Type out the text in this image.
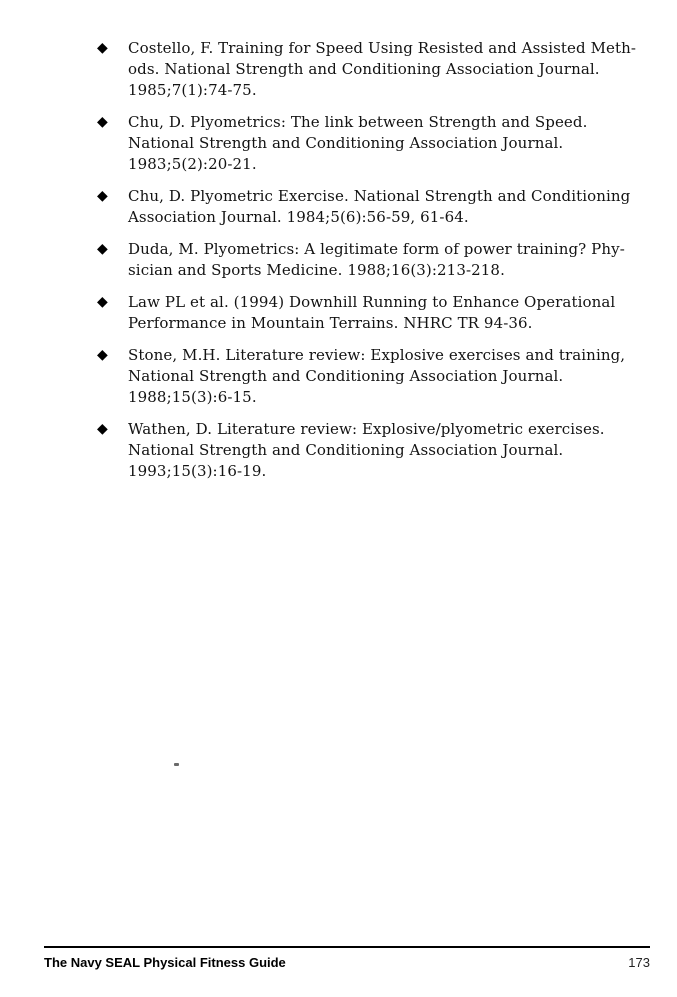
◆	Costello, F. Training for Speed Using Resisted and Assisted Meth-
ods. National Strength and Conditioning Association Journal.
1985;7(1):74-75.
◆	Chu, D. Plyometrics: The link between Strength and Speed.
National Strength and Conditioning Association Journal.
1983;5(2):20-21.
◆	Chu, D. Plyometric Exercise. National Strength and Conditioning
Association Journal. 1984;5(6):56-59, 61-64.
◆	Duda, M. Plyometrics: A legitimate form of power training? Phy-
sician and Sports Medicine. 1988;16(3):213-218.
◆	Law PL et al. (1994) Downhill Running to Enhance Operational
Performance in Mountain Terrains. NHRC TR 94-36.
◆	Stone, M.H. Literature review: Explosive exercises and training,
National Strength and Conditioning Association Journal.
1988;15(3):6-15.
◆	Wathen, D. Literature review: Explosive/plyometric exercises.
National Strength and Conditioning Association Journal.
1993;15(3):16-19.
The Navy SEAL Physical Fitness Guide	173
